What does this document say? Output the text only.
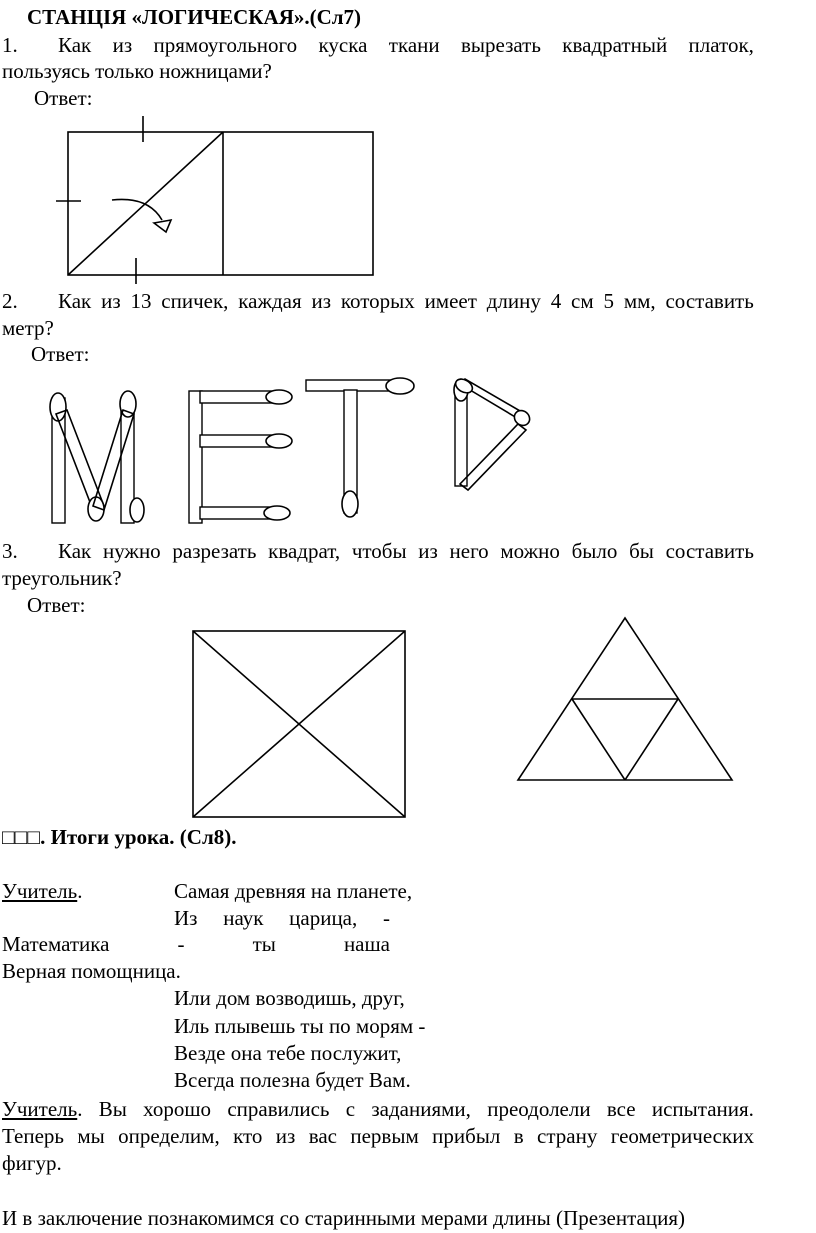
СТАНЦІЯ «ЛОГИЧЕСКАЯ».(Сл7)
1. Как из прямоугольного куска ткани вырезать квадратный платок,
пользуясь только ножницами?
Ответ:
2. Как из 13 спичек, каждая из которых имеет длину 4 см 5 мм, составить
метр?
Ответ:
3. Как нужно разрезать квадрат, чтобы из него можно было бы составить
треугольник?
Ответ:
□□□. Итоги урока. (Сл8).
Учитель.	Самая древняя на планете,
Из наук царица, -
Математика	-	ты	наша
Верная помощница.
Или дом возводишь, друг,
Иль плывешь ты по морям -
Везде она тебе послужит,
Всегда полезна будет Вам.
Учитель . Вы хорошо справились с заданиями, преодолели все испытания.
Теперь мы определим, кто из вас первым прибыл в страну геометрических
фигур.
И в заключение познакомимся со старинными мерами длины (Презентация)
